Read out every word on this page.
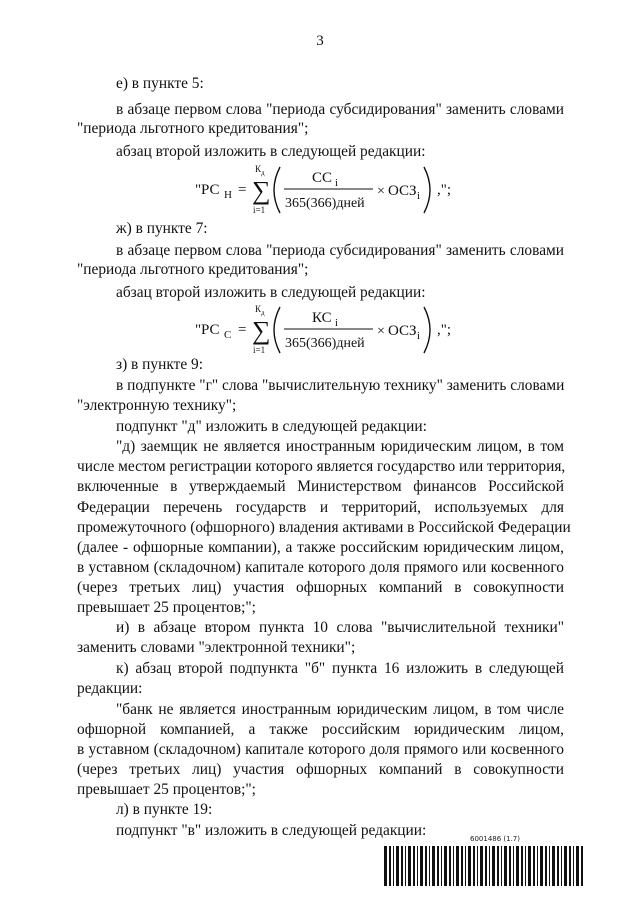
3
е) в пункте 5:
в абзаце первом слова "периода субсидирования" заменить словами
"периода льготного кредитования";
абзац второй изложить в следующей редакции:
" РС Н = ∑
К д
i=1
СС i
365(366)дней
× ОСЗ i ,";
ж) в пункте 7:
в абзаце первом слова "периода субсидирования" заменить словами
"периода льготного кредитования";
абзац второй изложить в следующей редакции:
" РС С = ∑
К д
i=1
КС i
365(366)дней
× ОСЗ i ,";
з) в пункте 9:
в подпункте "г" слова "вычислительную технику" заменить словами
"электронную технику";
подпункт "д" изложить в следующей редакции:
"д) заемщик не является иностранным юридическим лицом, в том
числе местом регистрации которого является государство или территория,
включенные в утверждаемый Министерством финансов Российской
Федерации перечень государств и территорий, используемых для
промежуточного (офшорного) владения активами в Российской Федерации
(далее - офшорные компании), а также российским юридическим лицом,
в уставном (складочном) капитале которого доля прямого или косвенного
(через третьих лиц) участия офшорных компаний в совокупности
превышает 25 процентов;";
и) в абзаце втором пункта 10 слова "вычислительной техники"
заменить словами "электронной техники";
к) абзац второй подпункта "б" пункта 16 изложить в следующей
редакции:
"банк не является иностранным юридическим лицом, в том числе
офшорной компанией, а также российским юридическим лицом,
в уставном (складочном) капитале которого доля прямого или косвенного
(через третьих лиц) участия офшорных компаний в совокупности
превышает 25 процентов;";
л) в пункте 19:
подпункт "в" изложить в следующей редакции:	6001486 (1.7)
